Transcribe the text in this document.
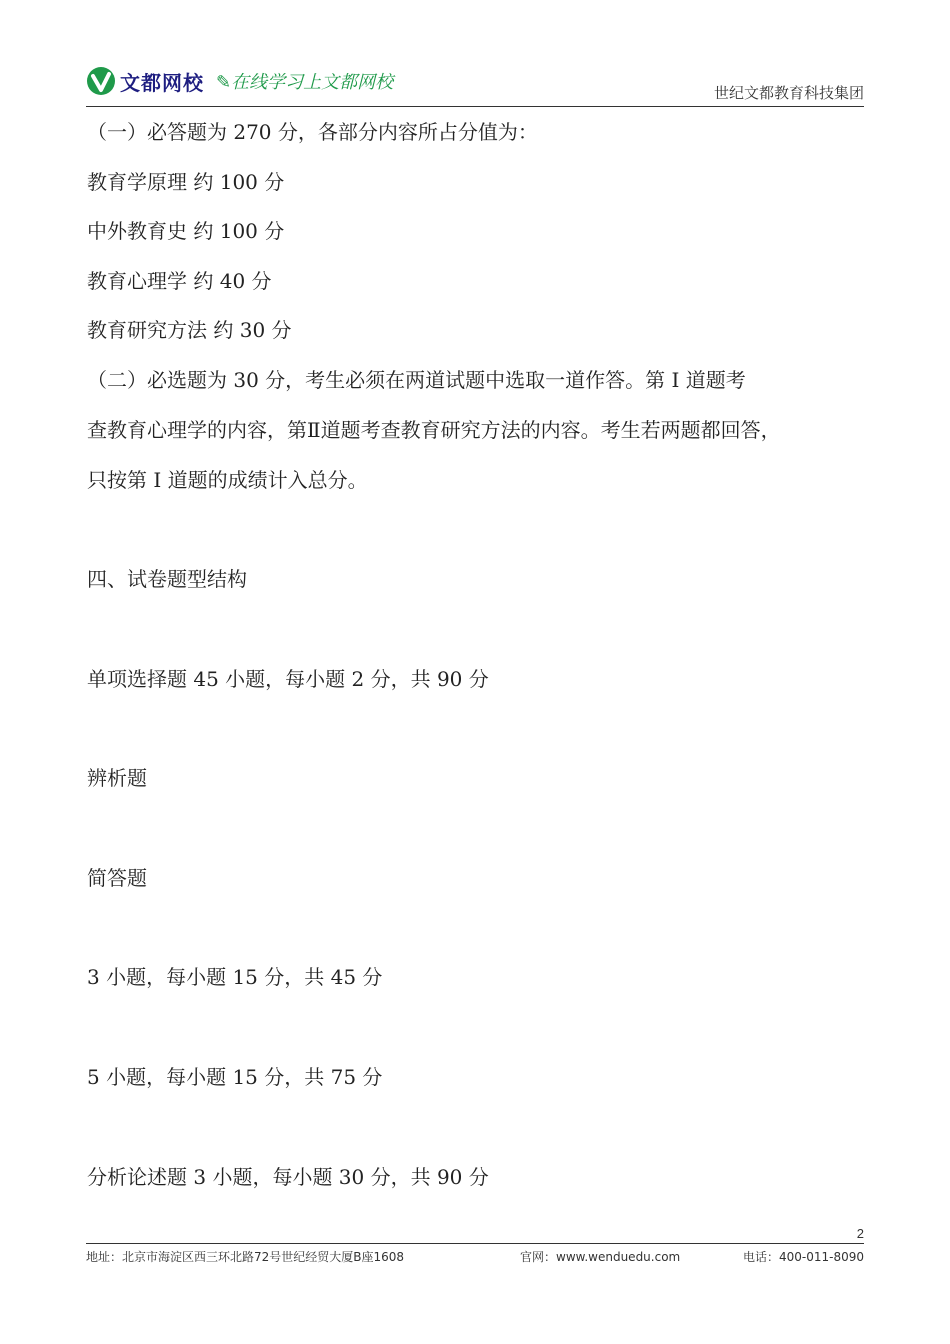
文都网校 ✎在线学习上文都网校	世纪文都教育科技集团
（一）必答题为 270 分，各部分内容所占分值为：
教育学原理 约 100 分
中外教育史 约 100 分
教育心理学 约 40 分
教育研究方法 约 30 分
（二）必选题为 30 分，考生必须在两道试题中选取一道作答。第 Ⅰ 道题考
查教育心理学的内容，第Ⅱ道题考查教育研究方法的内容。考生若两题都回答，
只按第 Ⅰ 道题的成绩计入总分。
四、试卷题型结构
单项选择题 45 小题，每小题 2 分，共 90 分
辨析题
简答题
3 小题，每小题 15 分，共 45 分
5 小题，每小题 15 分，共 75 分
分析论述题 3 小题，每小题 30 分，共 90 分
2
地址：北京市海淀区西三环北路72号世纪经贸大厦B座1608	官网：www.wenduedu.com	电话：400-011-8090
